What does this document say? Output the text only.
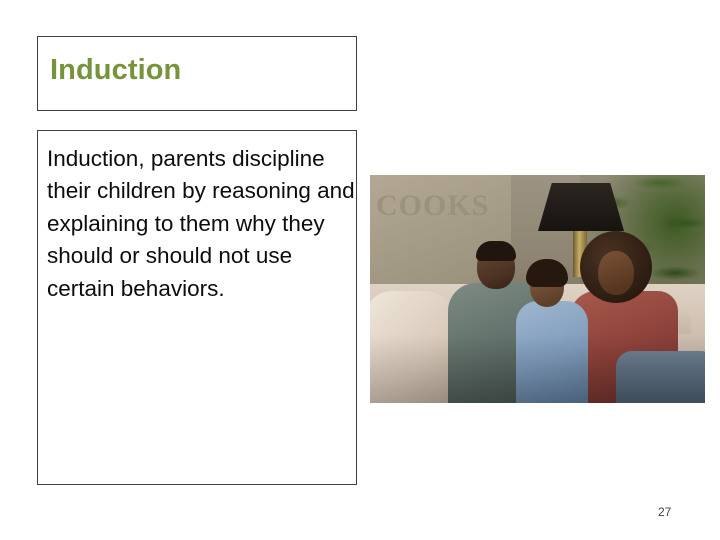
Induction
Induction, parents discipline their children by reasoning and explaining to them why they should or should not use certain behaviors.
COOKS
27
